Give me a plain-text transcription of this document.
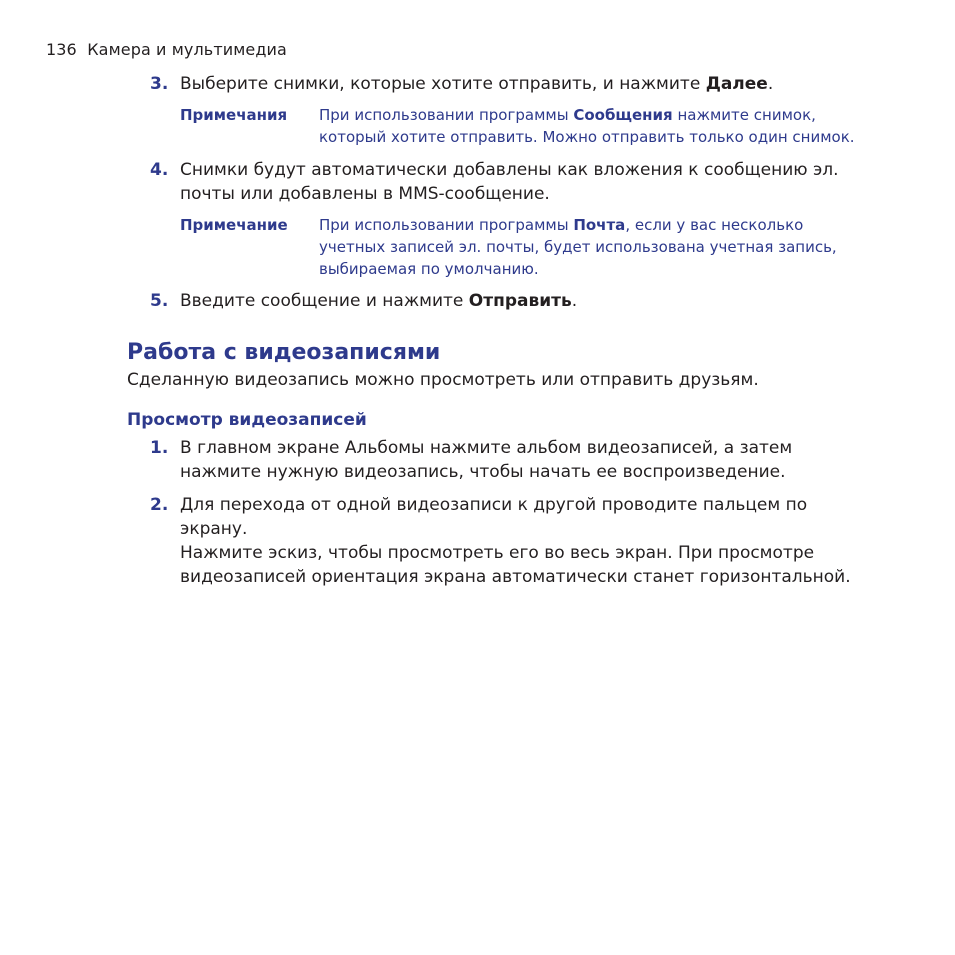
136 Камера и мультимедиа
3. Выберите снимки, которые хотите отправить, и нажмите Далее.
Примечания При использовании программы Сообщения нажмите снимок,
который хотите отправить. Можно отправить только один снимок.
4. Снимки будут автоматически добавлены как вложения к сообщению эл.
почты или добавлены в MMS-сообщение.
Примечание При использовании программы Почта, если у вас несколько
учетных записей эл. почты, будет использована учетная запись,
выбираемая по умолчанию.
5. Введите сообщение и нажмите Отправить.
Работа с видеозаписями
Сделанную видеозапись можно просмотреть или отправить друзьям.
Просмотр видеозаписей
1. В главном экране Альбомы нажмите альбом видеозаписей, а затем
нажмите нужную видеозапись, чтобы начать ее воспроизведение.
2. Для перехода от одной видеозаписи к другой проводите пальцем по экрану.
Нажмите эскиз, чтобы просмотреть его во весь экран. При просмотре
видеозаписей ориентация экрана автоматически станет горизонтальной.
